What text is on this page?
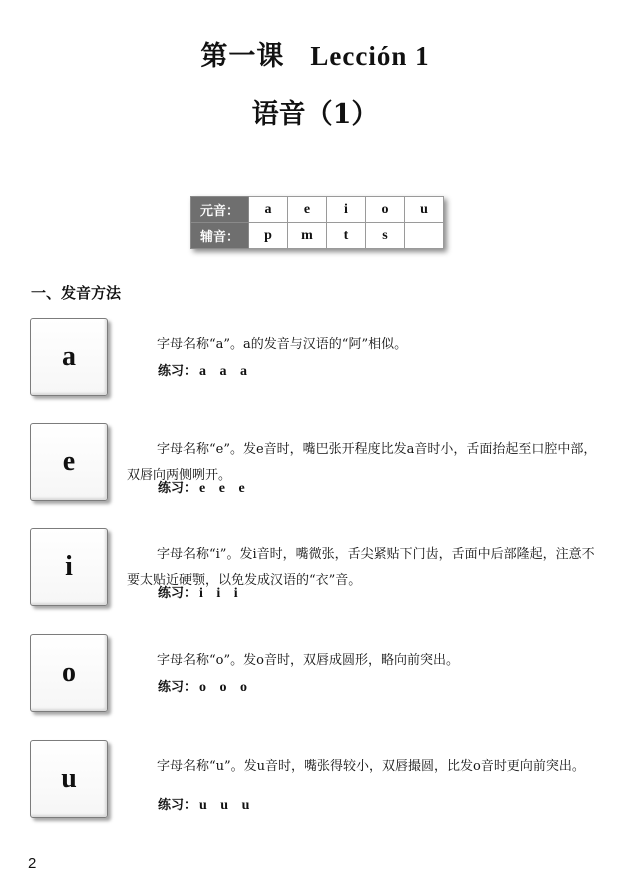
第一课 Lección 1
语音（1）
元音：	a	e	i	o	u
辅音：	p	m	t	s	
一、发音方法
a	字母名称“a”。a的发音与汉语的“阿”相似。

练习： a a a
e	字母名称“e”。发e音时，嘴巴张开程度比发a音时小，舌面抬起至口腔中部，双唇向两侧咧开。

练习： e e e
i	字母名称“i”。发i音时，嘴微张，舌尖紧贴下门齿，舌面中后部隆起，注意不要太贴近硬颚，以免发成汉语的“衣”音。

练习： i i i
o	字母名称“o”。发o音时，双唇成圆形，略向前突出。

练习： o o o
u	字母名称“u”。发u音时，嘴张得较小，双唇撮圆，比发o音时更向前突出。

练习： u u u
2
